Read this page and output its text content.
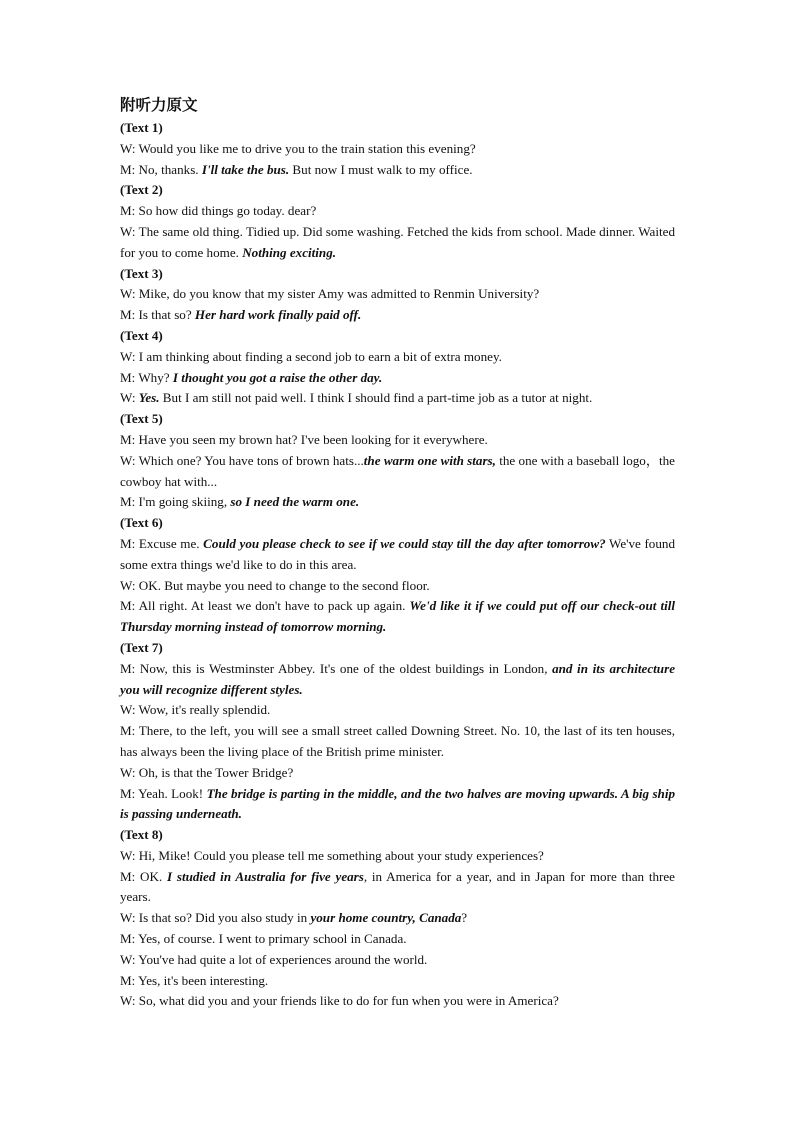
附听力原文
(Text 1)
W: Would you like me to drive you to the train station this evening?
M: No, thanks. I'll take the bus. But now I must walk to my office.
(Text 2)
M: So how did things go today. dear?
W: The same old thing. Tidied up. Did some washing. Fetched the kids from school. Made dinner. Waited for you to come home. Nothing exciting.
(Text 3)
W: Mike, do you know that my sister Amy was admitted to Renmin University?
M: Is that so? Her hard work finally paid off.
(Text 4)
W: I am thinking about finding a second job to earn a bit of extra money.
M: Why? I thought you got a raise the other day.
W: Yes. But I am still not paid well. I think I should find a part-time job as a tutor at night.
(Text 5)
M: Have you seen my brown hat? I've been looking for it everywhere.
W: Which one? You have tons of brown hats...the warm one with stars, the one with a baseball logo，the cowboy hat with...
M: I'm going skiing, so I need the warm one.
(Text 6)
M: Excuse me. Could you please check to see if we could stay till the day after tomorrow? We've found some extra things we'd like to do in this area.
W: OK. But maybe you need to change to the second floor.
M: All right. At least we don't have to pack up again. We'd like it if we could put off our check-out till Thursday morning instead of tomorrow morning.
(Text 7)
M: Now, this is Westminster Abbey. It's one of the oldest buildings in London, and in its architecture you will recognize different styles.
W: Wow, it's really splendid.
M: There, to the left, you will see a small street called Downing Street. No. 10, the last of its ten houses, has always been the living place of the British prime minister.
W: Oh, is that the Tower Bridge?
M: Yeah. Look! The bridge is parting in the middle, and the two halves are moving upwards. A big ship is passing underneath.
(Text 8)
W: Hi, Mike! Could you please tell me something about your study experiences?
M: OK. I studied in Australia for five years, in America for a year, and in Japan for more than three years.
W: Is that so? Did you also study in your home country, Canada?
M: Yes, of course. I went to primary school in Canada.
W: You've had quite a lot of experiences around the world.
M: Yes, it's been interesting.
W: So, what did you and your friends like to do for fun when you were in America?
